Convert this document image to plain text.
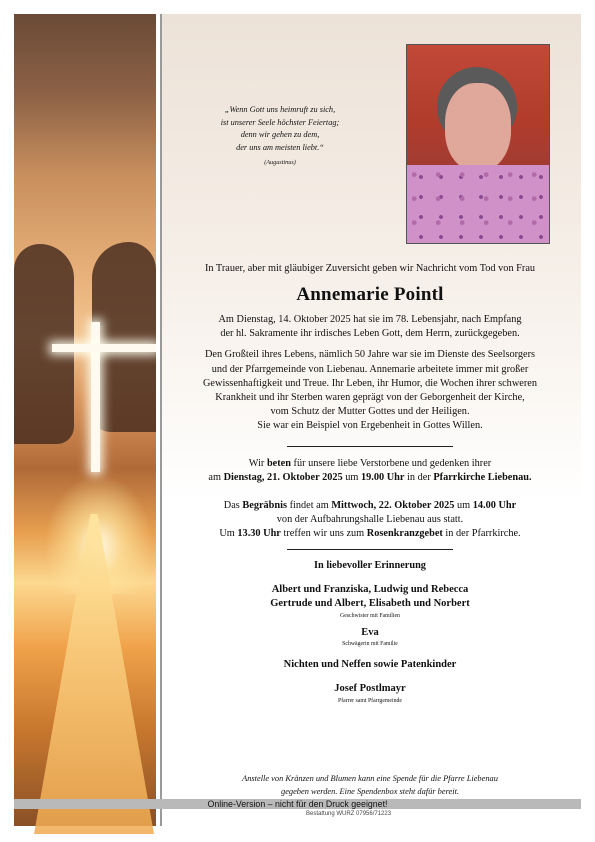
„Wenn Gott uns heimruft zu sich,
ist unserer Seele höchster Feiertag;
denn wir gehen zu dem,
der uns am meisten liebt.“
(Augustinus)
In Trauer, aber mit gläubiger Zuversicht geben wir Nachricht vom Tod von Frau
Annemarie Pointl
Am Dienstag, 14. Oktober 2025 hat sie im 78. Lebensjahr, nach Empfang
der hl. Sakramente ihr irdisches Leben Gott, dem Herrn, zurückgegeben.
Den Großteil ihres Lebens, nämlich 50 Jahre war sie im Dienste des Seelsorgers
und der Pfarrgemeinde von Liebenau. Annemarie arbeitete immer mit großer
Gewissenhaftigkeit und Treue. Ihr Leben, ihr Humor, die Wochen ihrer schweren
Krankheit und ihr Sterben waren geprägt von der Geborgenheit der Kirche,
vom Schutz der Mutter Gottes und der Heiligen.
Sie war ein Beispiel von Ergebenheit in Gottes Willen.
Wir beten für unsere liebe Verstorbene und gedenken ihrer
am Dienstag, 21. Oktober 2025 um 19.00 Uhr in der Pfarrkirche Liebenau.
Das Begräbnis findet am Mittwoch, 22. Oktober 2025 um 14.00 Uhr
von der Aufbahrungshalle Liebenau aus statt.
Um 13.30 Uhr treffen wir uns zum Rosenkranzgebet in der Pfarrkirche.
In liebevoller Erinnerung
Albert und Franziska, Ludwig und Rebecca
Gertrude und Albert, Elisabeth und Norbert
Geschwister mit Familien
Eva
Schwägerin mit Familie
Nichten und Neffen sowie Patenkinder
Josef Postlmayr
Pfarrer samt Pfarrgemeinde
Anstelle von Kränzen und Blumen kann eine Spende für die Pfarre Liebenau
gegeben werden. Eine Spendenbox steht dafür bereit.
Online-Version – nicht für den Druck geeignet!
Bestattung WURZ 07956/71223
